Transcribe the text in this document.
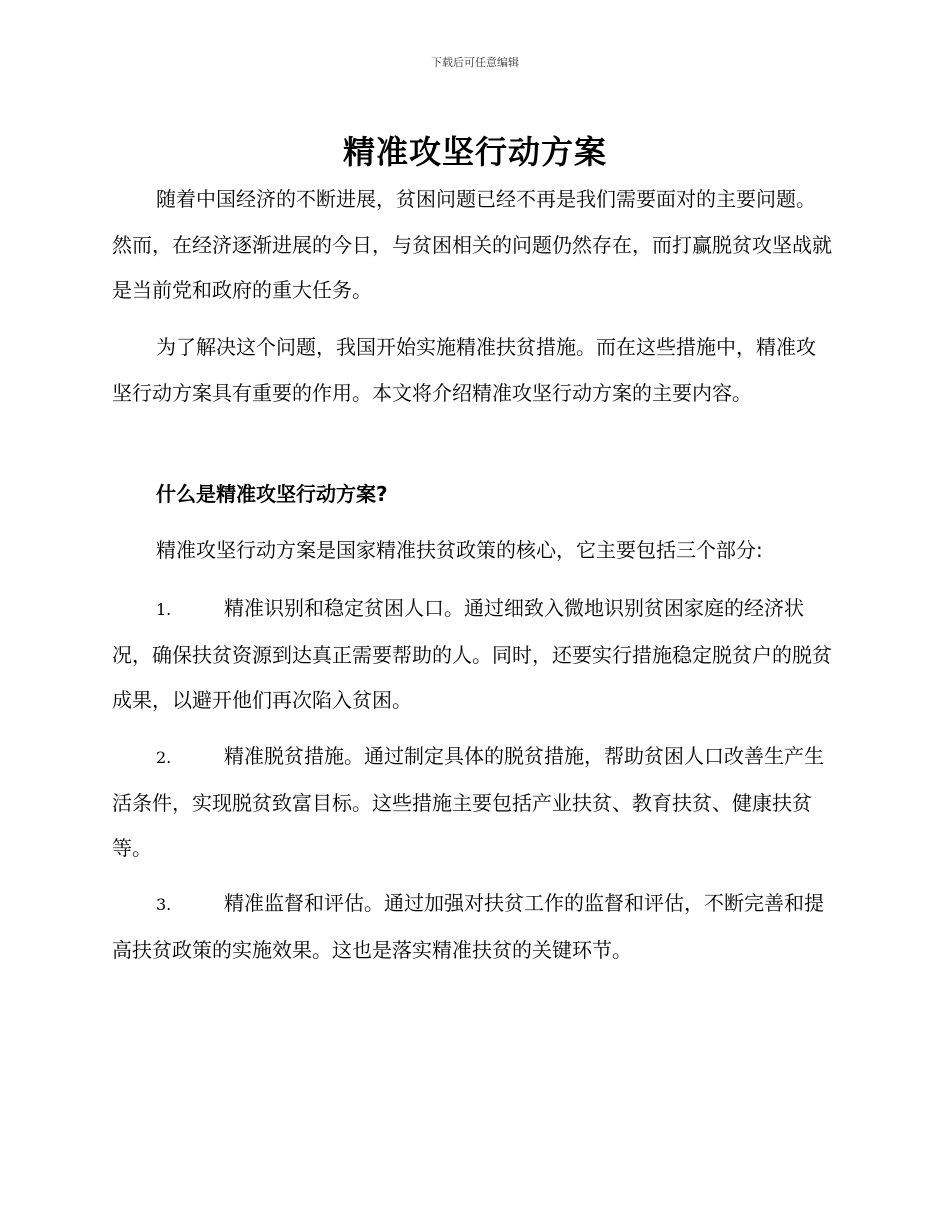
下载后可任意编辑
精准攻坚行动方案

随着中国经济的不断进展，贫困问题已经不再是我们需要面对的主要问题。然而，在经济逐渐进展的今日，与贫困相关的问题仍然存在，而打赢脱贫攻坚战就是当前党和政府的重大任务。

为了解决这个问题，我国开始实施精准扶贫措施。而在这些措施中，精准攻坚行动方案具有重要的作用。本文将介绍精准攻坚行动方案的主要内容。

什么是精准攻坚行动方案?

精准攻坚行动方案是国家精准扶贫政策的核心，它主要包括三个部分:

1.	精准识别和稳定贫困人口。通过细致入微地识别贫困家庭的经济状况，确保扶贫资源到达真正需要帮助的人。同时，还要实行措施稳定脱贫户的脱贫成果，以避开他们再次陷入贫困。

2.	精准脱贫措施。通过制定具体的脱贫措施，帮助贫困人口改善生产生活条件，实现脱贫致富目标。这些措施主要包括产业扶贫、教育扶贫、健康扶贫等。

3.	精准监督和评估。通过加强对扶贫工作的监督和评估，不断完善和提高扶贫政策的实施效果。这也是落实精准扶贫的关键环节。
